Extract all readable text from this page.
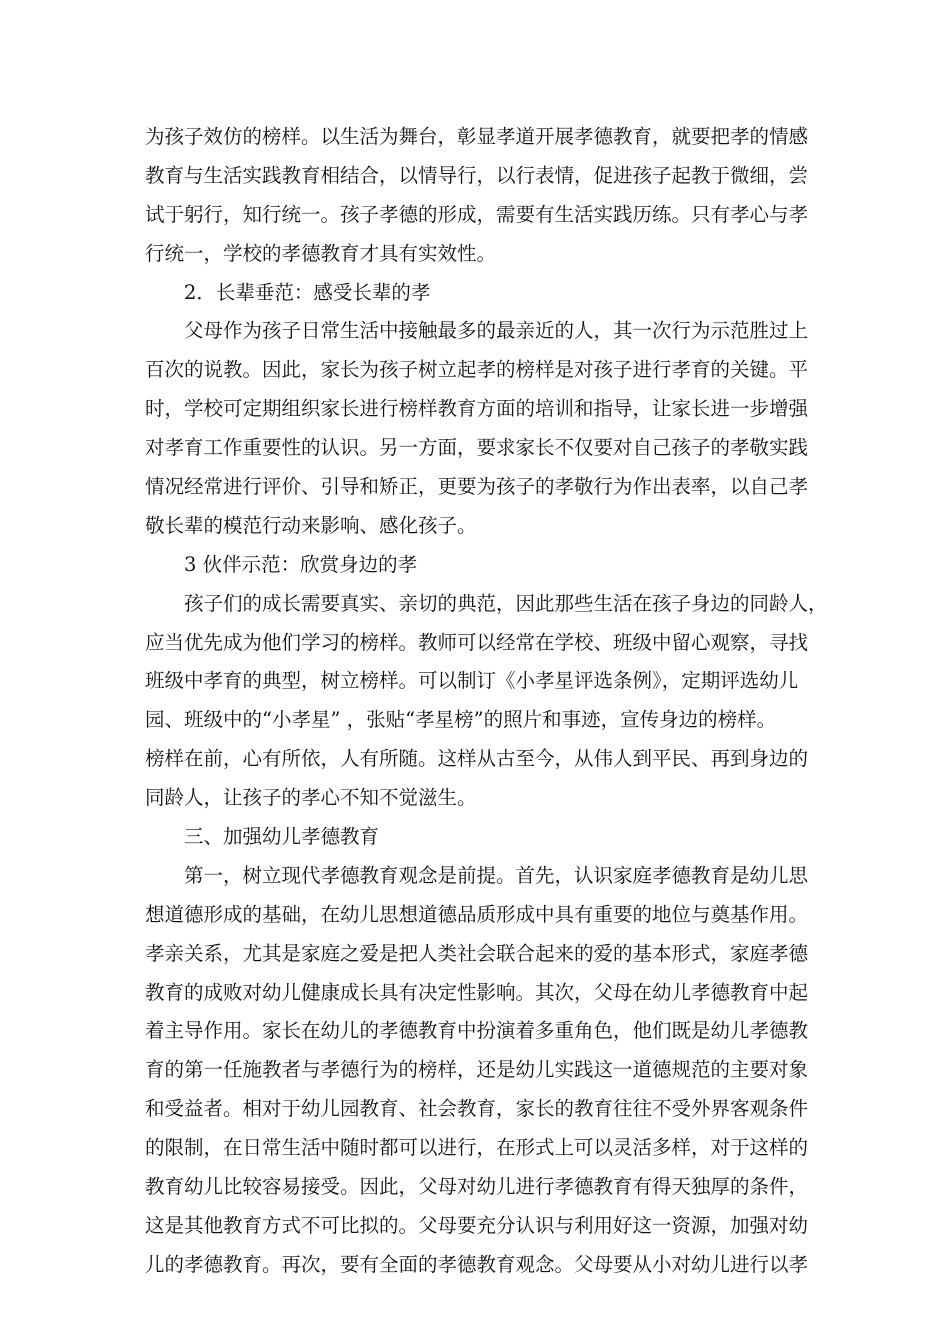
为孩子效仿的榜样。以生活为舞台，彰显孝道开展孝德教育，就要把孝的情感
教育与生活实践教育相结合，以情导行，以行表情，促进孩子起教于微细，尝
试于躬行，知行统一。孩子孝德的形成，需要有生活实践历练。只有孝心与孝
行统一，学校的孝德教育才具有实效性。
2．长辈垂范：感受长辈的孝
父母作为孩子日常生活中接触最多的最亲近的人，其一次行为示范胜过上
百次的说教。因此，家长为孩子树立起孝的榜样是对孩子进行孝育的关键。平
时，学校可定期组织家长进行榜样教育方面的培训和指导，让家长进一步增强
对孝育工作重要性的认识。另一方面，要求家长不仅要对自己孩子的孝敬实践
情况经常进行评价、引导和矫正，更要为孩子的孝敬行为作出表率，以自己孝
敬长辈的模范行动来影响、感化孩子。
3 伙伴示范：欣赏身边的孝
孩子们的成长需要真实、亲切的典范，因此那些生活在孩子身边的同龄人，
应当优先成为他们学习的榜样。教师可以经常在学校、班级中留心观察，寻找
班级中孝育的典型，树立榜样。可以制订《小孝星评选条例》，定期评选幼儿
园、班级中的“小孝星” ，张贴“孝星榜”的照片和事迹，宣传身边的榜样。
榜样在前，心有所依，人有所随。这样从古至今，从伟人到平民、再到身边的
同龄人，让孩子的孝心不知不觉滋生。
三、加强幼儿孝德教育
第一，树立现代孝德教育观念是前提。首先，认识家庭孝德教育是幼儿思
想道德形成的基础，在幼儿思想道德品质形成中具有重要的地位与奠基作用。
孝亲关系，尤其是家庭之爱是把人类社会联合起来的爱的基本形式，家庭孝德
教育的成败对幼儿健康成长具有决定性影响。其次，父母在幼儿孝德教育中起
着主导作用。家长在幼儿的孝德教育中扮演着多重角色，他们既是幼儿孝德教
育的第一任施教者与孝德行为的榜样，还是幼儿实践这一道德规范的主要对象
和受益者。相对于幼儿园教育、社会教育，家长的教育往往不受外界客观条件
的限制，在日常生活中随时都可以进行，在形式上可以灵活多样，对于这样的
教育幼儿比较容易接受。因此，父母对幼儿进行孝德教育有得天独厚的条件，
这是其他教育方式不可比拟的。父母要充分认识与利用好这一资源，加强对幼
儿的孝德教育。再次，要有全面的孝德教育观念。父母要从小对幼儿进行以孝
